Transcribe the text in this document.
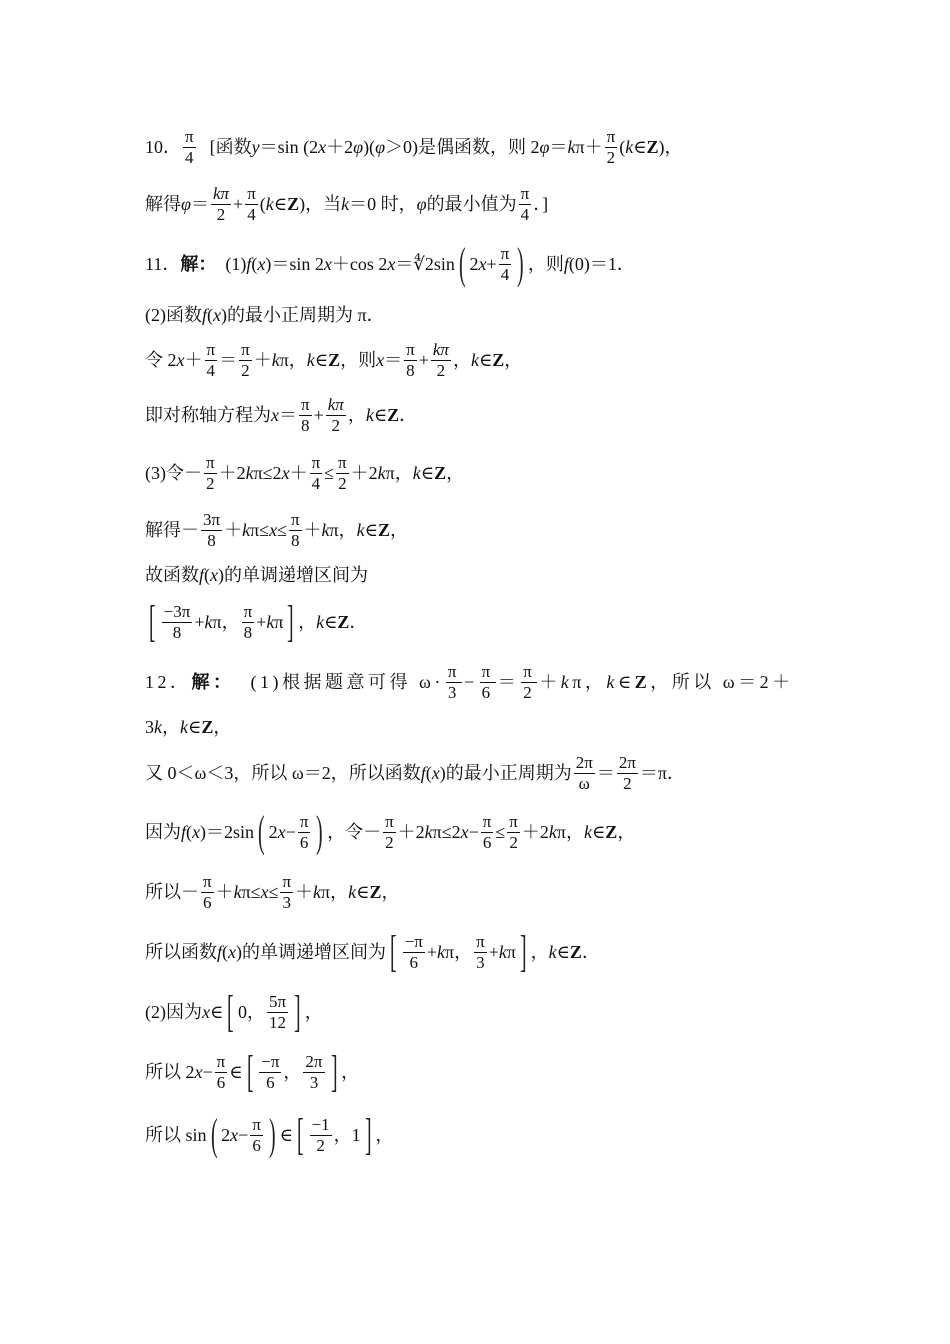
10． $\frac{\pi}{4}$ [函数 y ＝sin (2 x ＋2 φ )( φ ＞0)是偶函数，则 2 φ ＝ k $\pi+ \frac{\pi}{2}$ ( k ∈ Z )，
解得 $\varphi = \frac{k\pi}{2} + \frac{\pi}{4}$ ( k ∈ Z )，当 k ＝0 时， φ 的最小值为 $\frac{\pi}{4}$ ．]
11． 解： (1) f ( x )＝sin 2 x ＋cos 2 x ＝∜2sin ( 2 $x + \frac{\pi}{4}$ ) ，则 f (0)＝1．
(2)函数 f ( x )的最小正周期为 π．
令 2 $x + \frac{\pi}{4} = \frac{\pi}{2} + k$ π， k ∈ Z ，则 $x = \frac{\pi}{8} + \frac{k\pi}{2}$ ， k ∈ Z ，
即对称轴方程为 $x = \frac{\pi}{8} + \frac{k\pi}{2}$ ， k ∈ Z ．
(3)令－ $\frac{\pi}{2} +2$ k π≤2 $x + \frac{\pi}{4} \le \frac{\pi}{2} +2$ k π， k ∈ Z ，
解得－ $\frac{3\pi}{8} + k$ $\pi\le x \le \frac{\pi}{8} + k$ π， k ∈ Z ，
故函数 f ( x )的单调递增区间为
[ $\frac{-3\pi}{8} + k$ π， $\frac{\pi}{8} + k$ π ] ， k ∈ Z ．
12． 解： (1)根据题意可得 $\omega\cdot \frac{\pi}{3} - \frac{\pi}{6} = \frac{\pi}{2} + k$ π， k ∈ Z ，所以 ω＝2＋
3 k ， k ∈ Z ，
又 0＜ω＜3，所以 ω＝2，所以函数 f ( x )的最小正周期为 $\frac{2\pi}{\omega} = \frac{2\pi}{2} =\pi$．
因为 f ( x )＝2sin ( 2 $x - \frac{\pi}{6}$ ) ，令－ $\frac{\pi}{2} +2$ k π≤2 $x - \frac{\pi}{6} \le \frac{\pi}{2} +2$ k π， k ∈ Z ，
所以－ $\frac{\pi}{6} + k$ $\pi\le x \le \frac{\pi}{3} + k$ π， k ∈ Z ，
所以函数 f ( x )的单调递增区间为 [ $\frac{-\pi}{6} + k$ π， $\frac{\pi}{3} + k$ π ] ， k ∈ Z ．
(2)因为 x ∈ [ 0， $\frac{5\pi}{12}$ ] ，
所以 2 $x - \frac{\pi}{6}$ ∈ [ $\frac{-\pi}{6}$ ， $\frac{2\pi}{3}$ ] ，
所以 sin ( 2 $x - \frac{\pi}{6}$ ) ∈ [ $\frac{-1}{2}$ ，1 ] ，
